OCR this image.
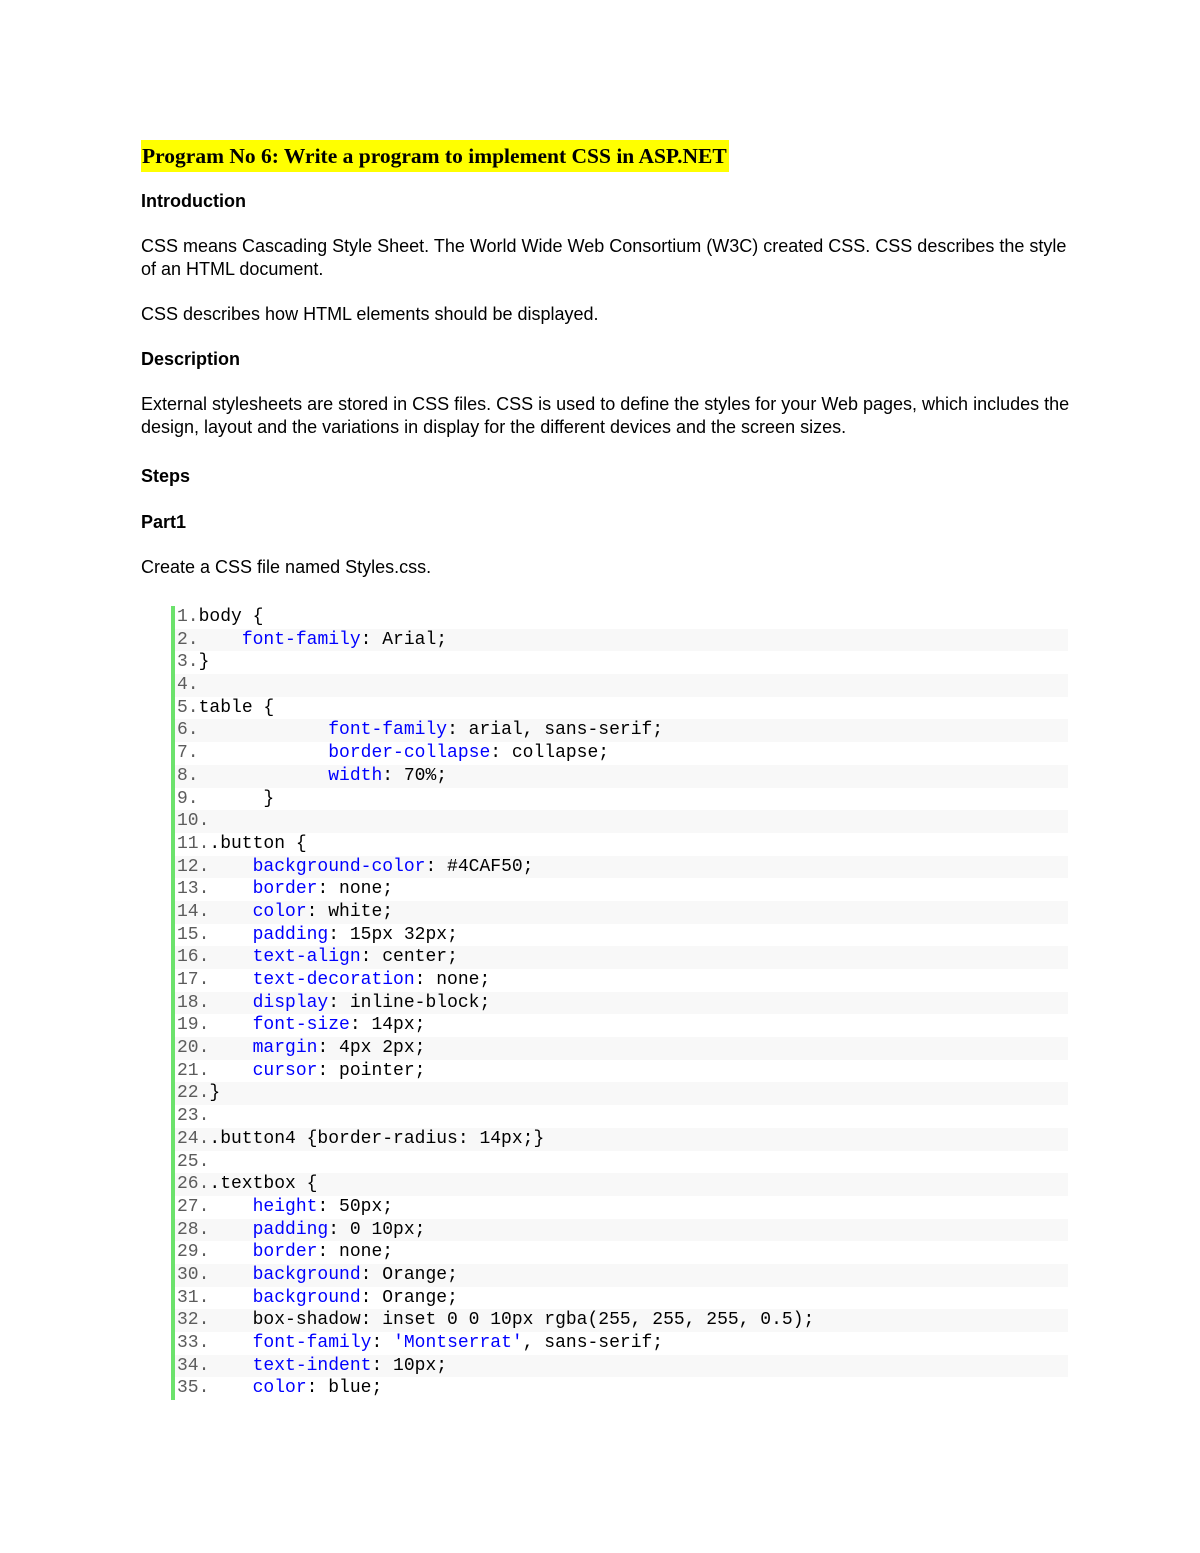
Program No 6: Write a program to implement CSS in ASP.NET
Introduction

CSS means Cascading Style Sheet. The World Wide Web Consortium (W3C) created CSS. CSS describes the style of an HTML document.

CSS describes how HTML elements should be displayed.

Description

External stylesheets are stored in CSS files. CSS is used to define the styles for your Web pages, which includes the design, layout and the variations in display for the different devices and the screen sizes.

Steps
Part1

Create a CSS file named Styles.css.

1.body {
2. font-family: Arial;
3.}
4.
5.table {
6.	font-family: arial, sans-serif;
7.	border-collapse: collapse;
8.	width: 70%;
9.      }
10.
11..button {
12. background-color: #4CAF50;
13. border: none;
14. color: white;
15. padding: 15px 32px;
16. text-align: center;
17. text-decoration: none;
18. display: inline-block;
19. font-size: 14px;
20. margin: 4px 2px;
21. cursor: pointer;
22.}
23.
24..button4 {border-radius: 14px;}
25.
26..textbox {
27. height: 50px;
28. padding: 0 10px;
29. border: none;
30. background: Orange;
31. background: Orange;
32.    box-shadow: inset 0 0 10px rgba(255, 255, 255, 0.5);
33. font-family: 'Montserrat', sans-serif;
34. text-indent: 10px;
35. color: blue;
